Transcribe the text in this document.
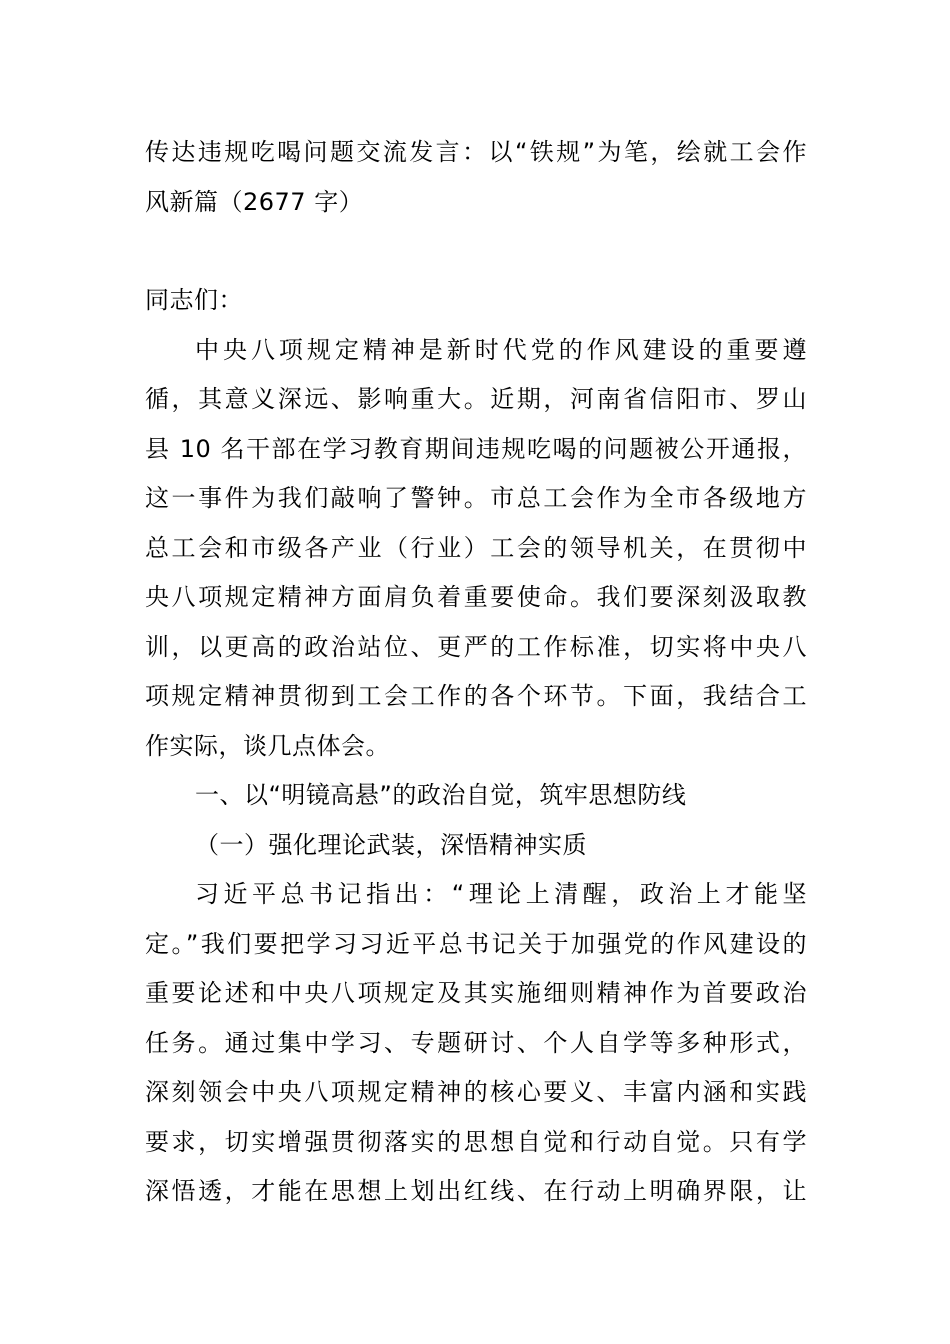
传达违规吃喝问题交流发言：以“铁规”为笔，绘就工会作
风新篇（2677 字）
同志们：
中央八项规定精神是新时代党的作风建设的重要遵
循，其意义深远、影响重大。近期，河南省信阳市、罗山
县 10 名干部在学习教育期间违规吃喝的问题被公开通报，
这一事件为我们敲响了警钟。市总工会作为全市各级地方
总工会和市级各产业（行业）工会的领导机关，在贯彻中
央八项规定精神方面肩负着重要使命。我们要深刻汲取教
训，以更高的政治站位、更严的工作标准，切实将中央八
项规定精神贯彻到工会工作的各个环节。下面，我结合工
作实际，谈几点体会。
一、以“明镜高悬”的政治自觉，筑牢思想防线
（一）强化理论武装，深悟精神实质
习近平总书记指出：“理论上清醒，政治上才能坚
定。”我们要把学习习近平总书记关于加强党的作风建设的
重要论述和中央八项规定及其实施细则精神作为首要政治
任务。通过集中学习、专题研讨、个人自学等多种形式，
深刻领会中央八项规定精神的核心要义、丰富内涵和实践
要求，切实增强贯彻落实的思想自觉和行动自觉。只有学
深悟透，才能在思想上划出红线、在行动上明确界限，让
